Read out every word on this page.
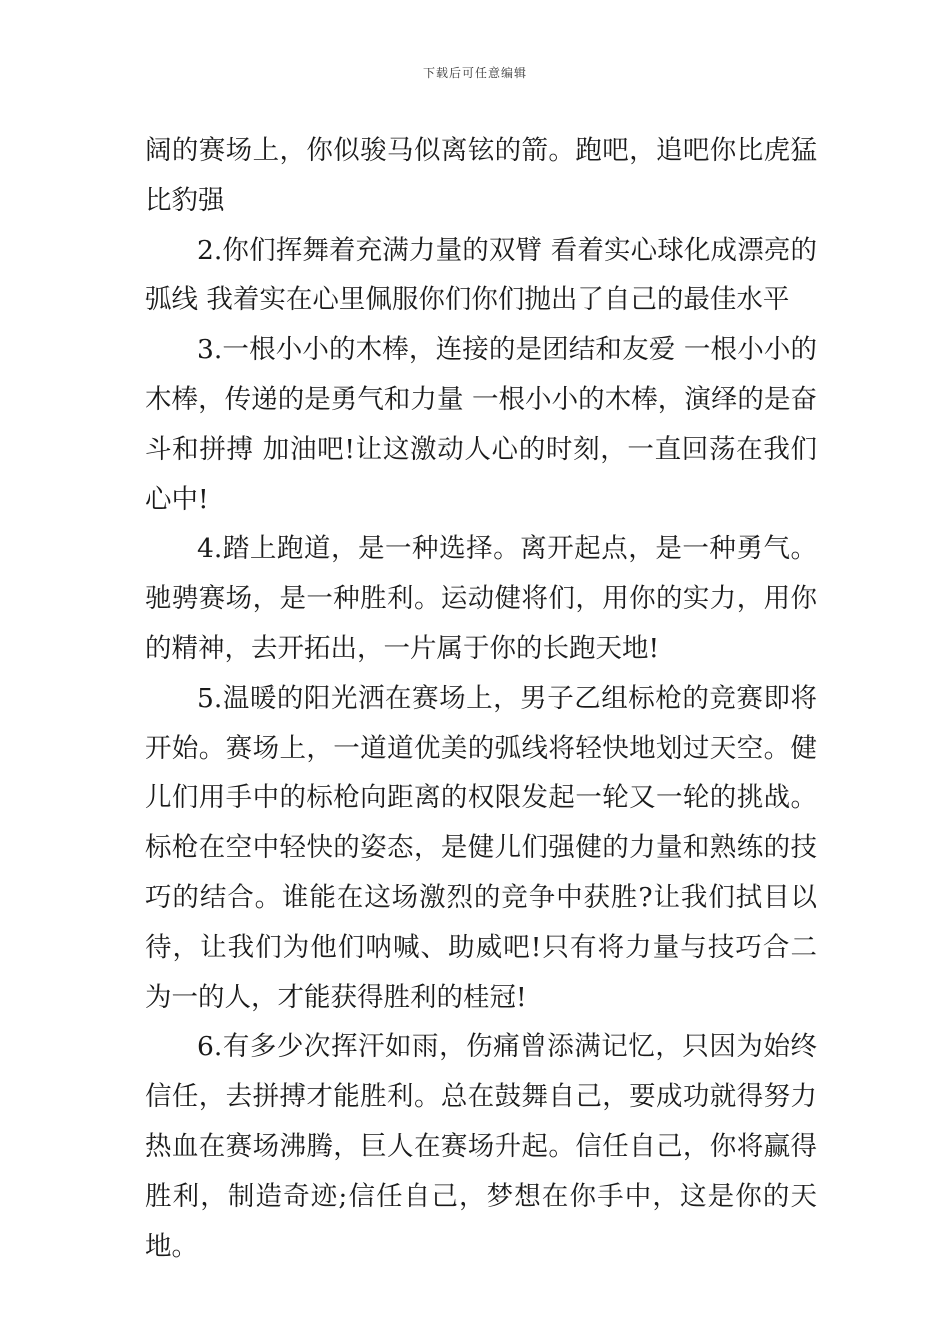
下载后可任意编辑

阔的赛场上，你似骏马似离铉的箭。跑吧，追吧你比虎猛比豹强

2.你们挥舞着充满力量的双臂 看着实心球化成漂亮的弧线 我着实在心里佩服你们你们抛出了自己的最佳水平

3.一根小小的木棒，连接的是团结和友爱 一根小小的木棒，传递的是勇气和力量 一根小小的木棒，演绎的是奋斗和拼搏 加油吧!让这激动人心的时刻，一直回荡在我们心中!

4.踏上跑道，是一种选择。离开起点，是一种勇气。驰骋赛场，是一种胜利。运动健将们，用你的实力，用你的精神，去开拓出，一片属于你的长跑天地!

5.温暖的阳光洒在赛场上，男子乙组标枪的竞赛即将开始。赛场上，一道道优美的弧线将轻快地划过天空。健儿们用手中的标枪向距离的权限发起一轮又一轮的挑战。标枪在空中轻快的姿态，是健儿们强健的力量和熟练的技巧的结合。谁能在这场激烈的竞争中获胜?让我们拭目以待，让我们为他们呐喊、助威吧!只有将力量与技巧合二为一的人，才能获得胜利的桂冠!

6.有多少次挥汗如雨，伤痛曾添满记忆，只因为始终信任，去拼搏才能胜利。总在鼓舞自己，要成功就得努力热血在赛场沸腾，巨人在赛场升起。信任自己，你将赢得胜利，制造奇迹;信任自己，梦想在你手中，这是你的天地。
